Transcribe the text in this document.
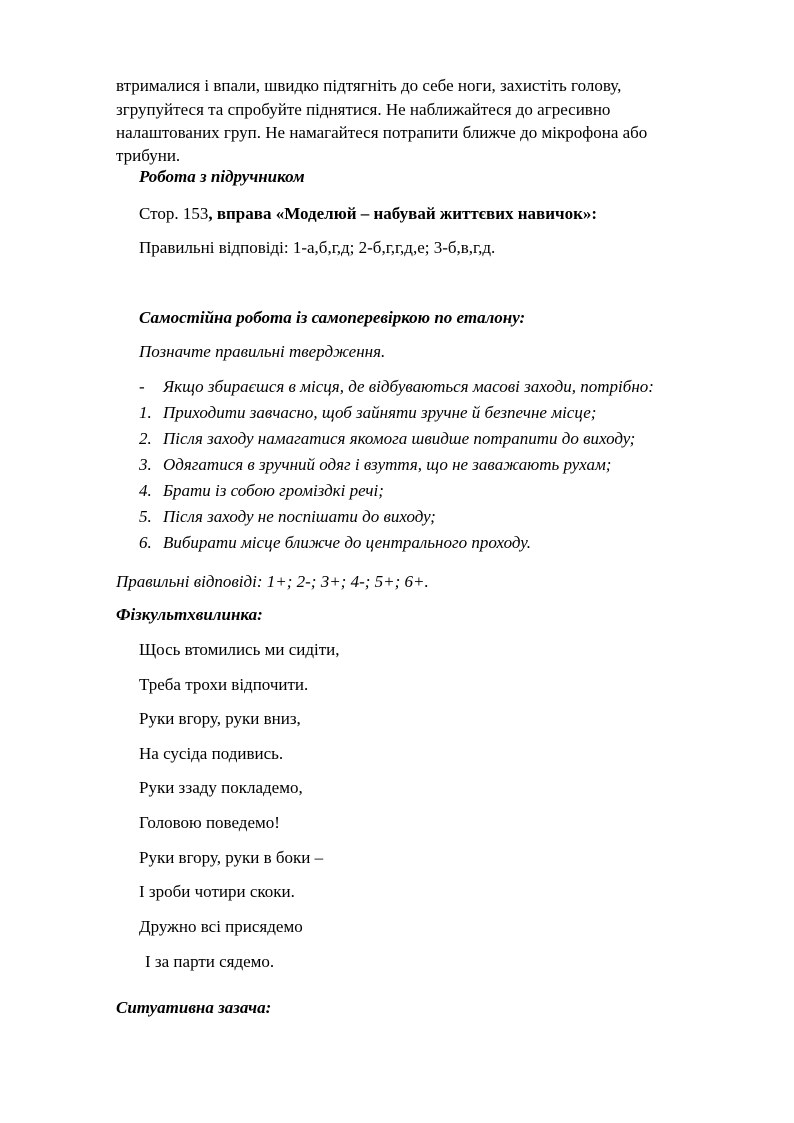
втрималися і впали, швидко підтягніть до себе ноги, захистіть голову,
згрупуйтеся та спробуйте піднятися. Не наближайтеся до агресивно
налаштованих груп. Не намагайтеся потрапити ближче до мікрофона або
трибуни.
Робота з підручником
Стор. 153, вправа «Моделюй – набувай життєвих навичок»:
Правильні відповіді: 1-а,б,г,д; 2-б,г,г,д,е; 3-б,в,г,д.
Самостійна робота із самоперевіркою по еталону:
Позначте правильні твердження.
- Якщо збираєшся в місця, де відбуваються масові заходи, потрібно:
1. Приходити завчасно, щоб зайняти зручне й безпечне місце;
2. Після заходу намагатися якомога швидше потрапити до виходу;
3. Одягатися в зручний одяг і взуття, що не заважають рухам;
4. Брати із собою громіздкі речі;
5. Після заходу не поспішати до виходу;
6. Вибирати місце ближче до центрального проходу.
Правильні відповіді: 1+; 2-; 3+; 4-; 5+; 6+.
Фізкультхвилинка:
Щось втомились ми сидіти,
Треба трохи відпочити.
Руки вгору, руки вниз,
На сусіда подивись.
Руки ззаду покладемо,
Головою поведемо!
Руки вгору, руки в боки –
І зроби чотири скоки.
Дружно всі присядемо
І за парти сядемо.
Ситуативна зазача:
